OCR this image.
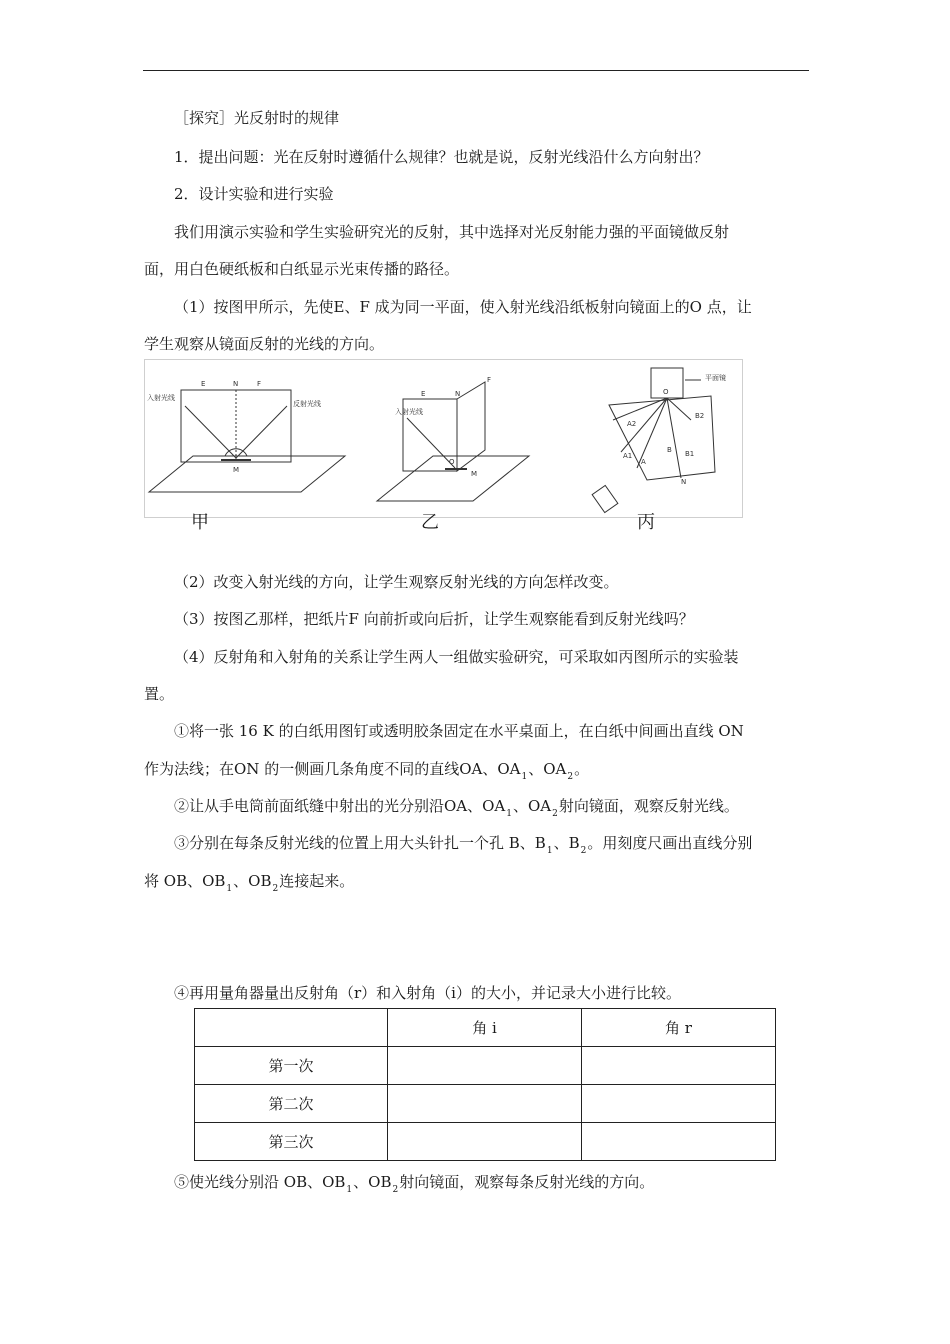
［探究］光反射时的规律
1．提出问题：光在反射时遵循什么规律？也就是说，反射光线沿什么方向射出？
2．设计实验和进行实验
我们用演示实验和学生实验研究光的反射，其中选择对光反射能力强的平面镜做反射
面，用白色硬纸板和白纸显示光束传播的路径。
（1）按图甲所示，先使E、F 成为同一平面，使入射光线沿纸板射向镜面上的O 点，让
学生观察从镜面反射的光线的方向。
E	N	F
入射光线
反射光线
M
E	N
F
入射光线
O
M
平面镜
O
N
A2
A1
A
B2
B B1
甲	乙	丙
（2）改变入射光线的方向，让学生观察反射光线的方向怎样改变。
（3）按图乙那样，把纸片F 向前折或向后折，让学生观察能看到反射光线吗？
（4）反射角和入射角的关系让学生两人一组做实验研究，可采取如丙图所示的实验装
置。
①将一张 16 K 的白纸用图钉或透明胶条固定在水平桌面上，在白纸中间画出直线 ON
作为法线；在ON 的一侧画几条角度不同的直线OA、$OA_1$、$OA_2$。
②让从手电筒前面纸缝中射出的光分别沿OA、$OA_1$、$OA_2$射向镜面，观察反射光线。
③分别在每条反射光线的位置上用大头针扎一个孔 B、$B_1$、$B_2$。用刻度尺画出直线分别
将 OB、$OB_1$、$OB_2$连接起来。
④再用量角器量出反射角（r）和入射角（i）的大小，并记录大小进行比较。
	角 i	角 r
第一次		
第二次		
第三次		
⑤使光线分别沿 OB、$OB_1$、$OB_2$射向镜面，观察每条反射光线的方向。
